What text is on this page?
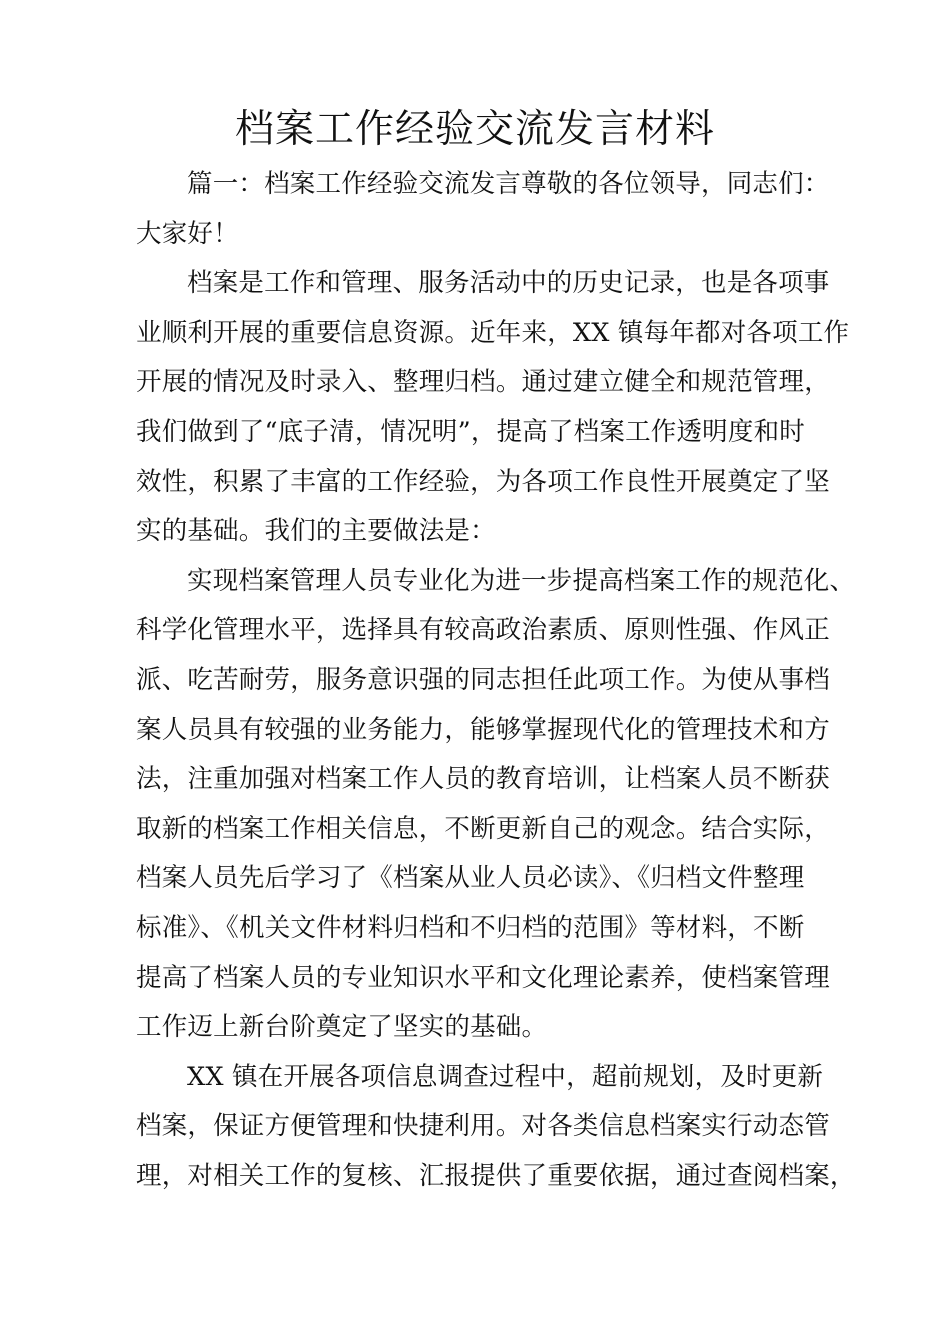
档案工作经验交流发言材料
篇一：档案工作经验交流发言尊敬的各位领导，同志们：
大家好！
档案是工作和管理、服务活动中的历史记录，也是各项事
业顺利开展的重要信息资源。近年来，XX 镇每年都对各项工作
开展的情况及时录入、整理归档。通过建立健全和规范管理，
我们做到了“底子清，情况明”，提高了档案工作透明度和时
效性，积累了丰富的工作经验，为各项工作良性开展奠定了坚
实的基础。我们的主要做法是：
实现档案管理人员专业化为进一步提高档案工作的规范化、
科学化管理水平，选择具有较高政治素质、原则性强、作风正
派、吃苦耐劳，服务意识强的同志担任此项工作。为使从事档
案人员具有较强的业务能力，能够掌握现代化的管理技术和方
法，注重加强对档案工作人员的教育培训，让档案人员不断获
取新的档案工作相关信息，不断更新自己的观念。结合实际，
档案人员先后学习了《档案从业人员必读》、《归档文件整理
标准》、《机关文件材料归档和不归档的范围》等材料，不断
提高了档案人员的专业知识水平和文化理论素养，使档案管理
工作迈上新台阶奠定了坚实的基础。
XX 镇在开展各项信息调查过程中，超前规划，及时更新
档案，保证方便管理和快捷利用。对各类信息档案实行动态管
理，对相关工作的复核、汇报提供了重要依据，通过查阅档案，
